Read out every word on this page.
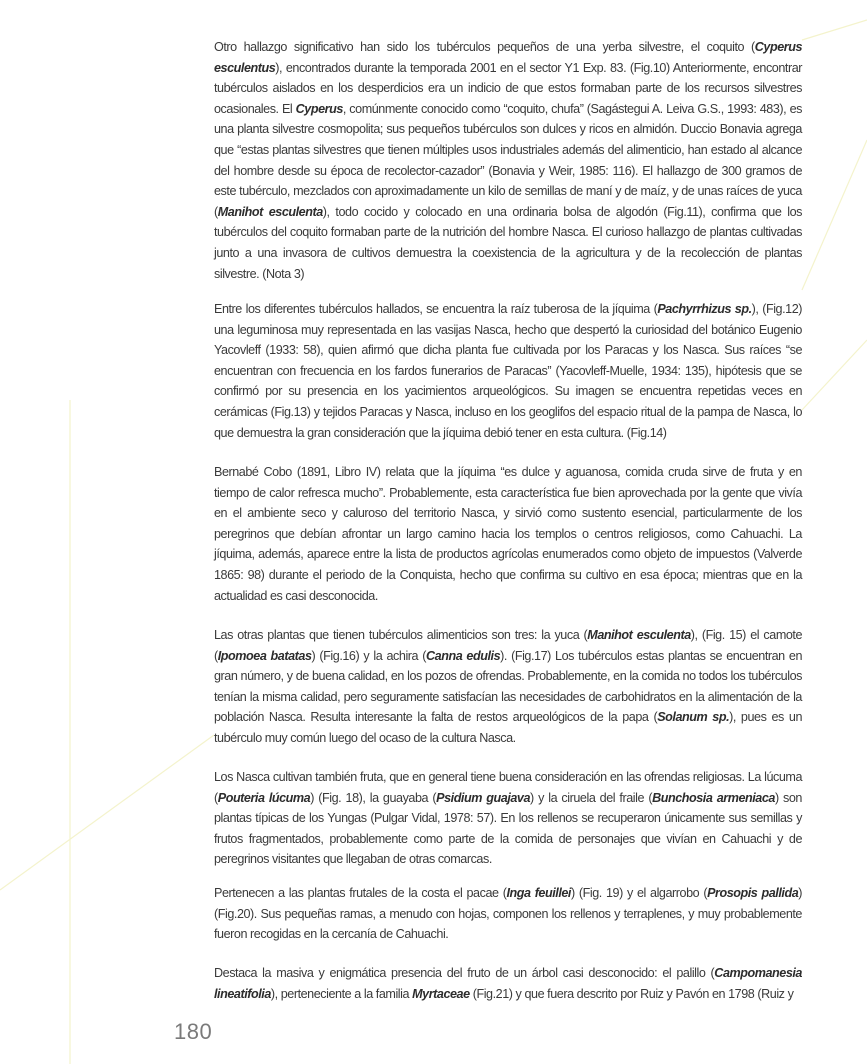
Otro hallazgo significativo han sido los tubérculos pequeños de una yerba silvestre, el coquito (Cyperus esculentus), encontrados durante la temporada 2001 en el sector Y1 Exp. 83. (Fig.10) Anteriormente, encontrar tubérculos aislados en los desperdicios era un indicio de que estos formaban parte de los recursos silvestres ocasionales. El Cyperus, comúnmente conocido como “coquito, chufa” (Sagástegui A. Leiva G.S., 1993: 483), es una planta silvestre cosmopolita; sus pequeños tubérculos son dulces y ricos en almidón. Duccio Bonavia agrega que “estas plantas silvestres que tienen múltiples usos industriales además del alimenticio, han estado al alcance del hombre desde su época de recolector-cazador” (Bonavia y Weir, 1985: 116). El hallazgo de 300 gramos de este tubérculo, mezclados con aproximadamente un kilo de semillas de maní y de maíz, y de unas raíces de yuca (Manihot esculenta), todo cocido y colocado en una ordinaria bolsa de algodón (Fig.11), confirma que los tubérculos del coquito formaban parte de la nutrición del hombre Nasca. El curioso hallazgo de plantas cultivadas junto a una invasora de cultivos demuestra la coexistencia de la agricultura y de la recolección de plantas silvestre. (Nota 3)

Entre los diferentes tubérculos hallados, se encuentra la raíz tuberosa de la jíquima (Pachyrrhizus sp.), (Fig.12) una leguminosa muy representada en las vasijas Nasca, hecho que despertó la curiosidad del botánico Eugenio Yacovleff (1933: 58), quien afirmó que dicha planta fue cultivada por los Paracas y los Nasca. Sus raíces “se encuentran con frecuencia en los fardos funerarios de Paracas” (Yacovleff-Muelle, 1934: 135), hipótesis que se confirmó por su presencia en los yacimientos arqueológicos. Su imagen se encuentra repetidas veces en cerámicas (Fig.13) y tejidos Paracas y Nasca, incluso en los geoglifos del espacio ritual de la pampa de Nasca, lo que demuestra la gran consideración que la jíquima debió tener en esta cultura. (Fig.14)

Bernabé Cobo (1891, Libro IV) relata que la jíquima “es dulce y aguanosa, comida cruda sirve de fruta y en tiempo de calor refresca mucho”. Probablemente, esta característica fue bien aprovechada por la gente que vivía en el ambiente seco y caluroso del territorio Nasca, y sirvió como sustento esencial, particularmente de los peregrinos que debían afrontar un largo camino hacia los templos o centros religiosos, como Cahuachi. La jíquima, además, aparece entre la lista de productos agrícolas enumerados como objeto de impuestos (Valverde 1865: 98) durante el periodo de la Conquista, hecho que confirma su cultivo en esa época; mientras que en la actualidad es casi desconocida.

Las otras plantas que tienen tubérculos alimenticios son tres: la yuca (Manihot esculenta), (Fig. 15) el camote (Ipomoea batatas) (Fig.16) y la achira (Canna edulis). (Fig.17) Los tubérculos estas plantas se encuentran en gran número, y de buena calidad, en los pozos de ofrendas. Probablemente, en la comida no todos los tubérculos tenían la misma calidad, pero seguramente satisfacían las necesidades de carbohidratos en la alimentación de la población Nasca. Resulta interesante la falta de restos arqueológicos de la papa (Solanum sp.), pues es un tubérculo muy común luego del ocaso de la cultura Nasca.

Los Nasca cultivan también fruta, que en general tiene buena consideración en las ofrendas religiosas. La lúcuma (Pouteria lúcuma) (Fig. 18), la guayaba (Psidium guajava) y la ciruela del fraile (Bunchosia armeniaca) son plantas típicas de los Yungas (Pulgar Vidal, 1978: 57). En los rellenos se recuperaron únicamente sus semillas y frutos fragmentados, probablemente como parte de la comida de personajes que vivían en Cahuachi y de peregrinos visitantes que llegaban de otras comarcas.

Pertenecen a las plantas frutales de la costa el pacae (Inga feuillei) (Fig. 19) y el algarrobo (Prosopis pallida) (Fig.20). Sus pequeñas ramas, a menudo con hojas, componen los rellenos y terraplenes, y muy probablemente fueron recogidas en la cercanía de Cahuachi.

Destaca la masiva y enigmática presencia del fruto de un árbol casi desconocido: el palillo (Campomanesia lineatifolia), perteneciente a la familia Myrtaceae (Fig.21) y que fuera descrito por Ruiz y Pavón en 1798 (Ruiz y

180
